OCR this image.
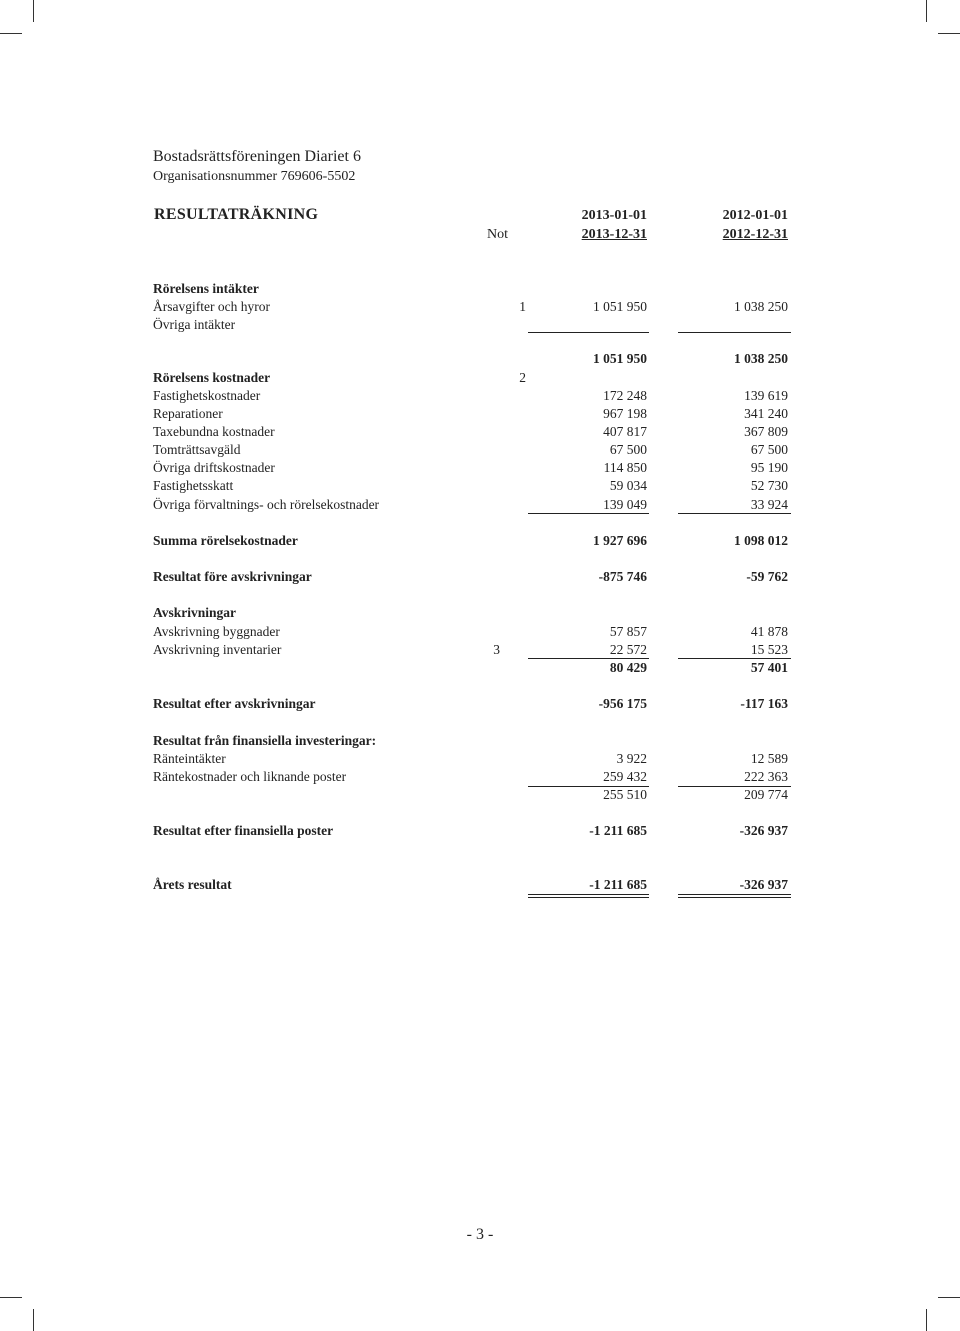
Bostadsrättsföreningen Diariet 6
Organisationsnummer 769606-5502
RESULTATRÄKNING	2013-01-01	2012-01-01
Not	2013-12-31	2012-12-31
Rörelsens intäkter
Årsavgifter och hyror	1	1 051 950	1 038 250
Övriga intäkter
1 051 950	1 038 250
Rörelsens kostnader	2
Fastighetskostnader	172 248	139 619
Reparationer	967 198	341 240
Taxebundna kostnader	407 817	367 809
Tomträttsavgäld	67 500	67 500
Övriga driftskostnader	114 850	95 190
Fastighetsskatt	59 034	52 730
Övriga förvaltnings- och rörelsekostnader	139 049	33 924
Summa rörelsekostnader	1 927 696	1 098 012
Resultat före avskrivningar	-875 746	-59 762
Avskrivningar
Avskrivning byggnader	57 857	41 878
Avskrivning inventarier	3	22 572	15 523
80 429	57 401
Resultat efter avskrivningar	-956 175	-117 163
Resultat från finansiella investeringar:
Ränteintäkter	3 922	12 589
Räntekostnader och liknande poster	259 432	222 363
255 510	209 774
Resultat efter finansiella poster	-1 211 685	-326 937
Årets resultat	-1 211 685	-326 937
- 3 -
